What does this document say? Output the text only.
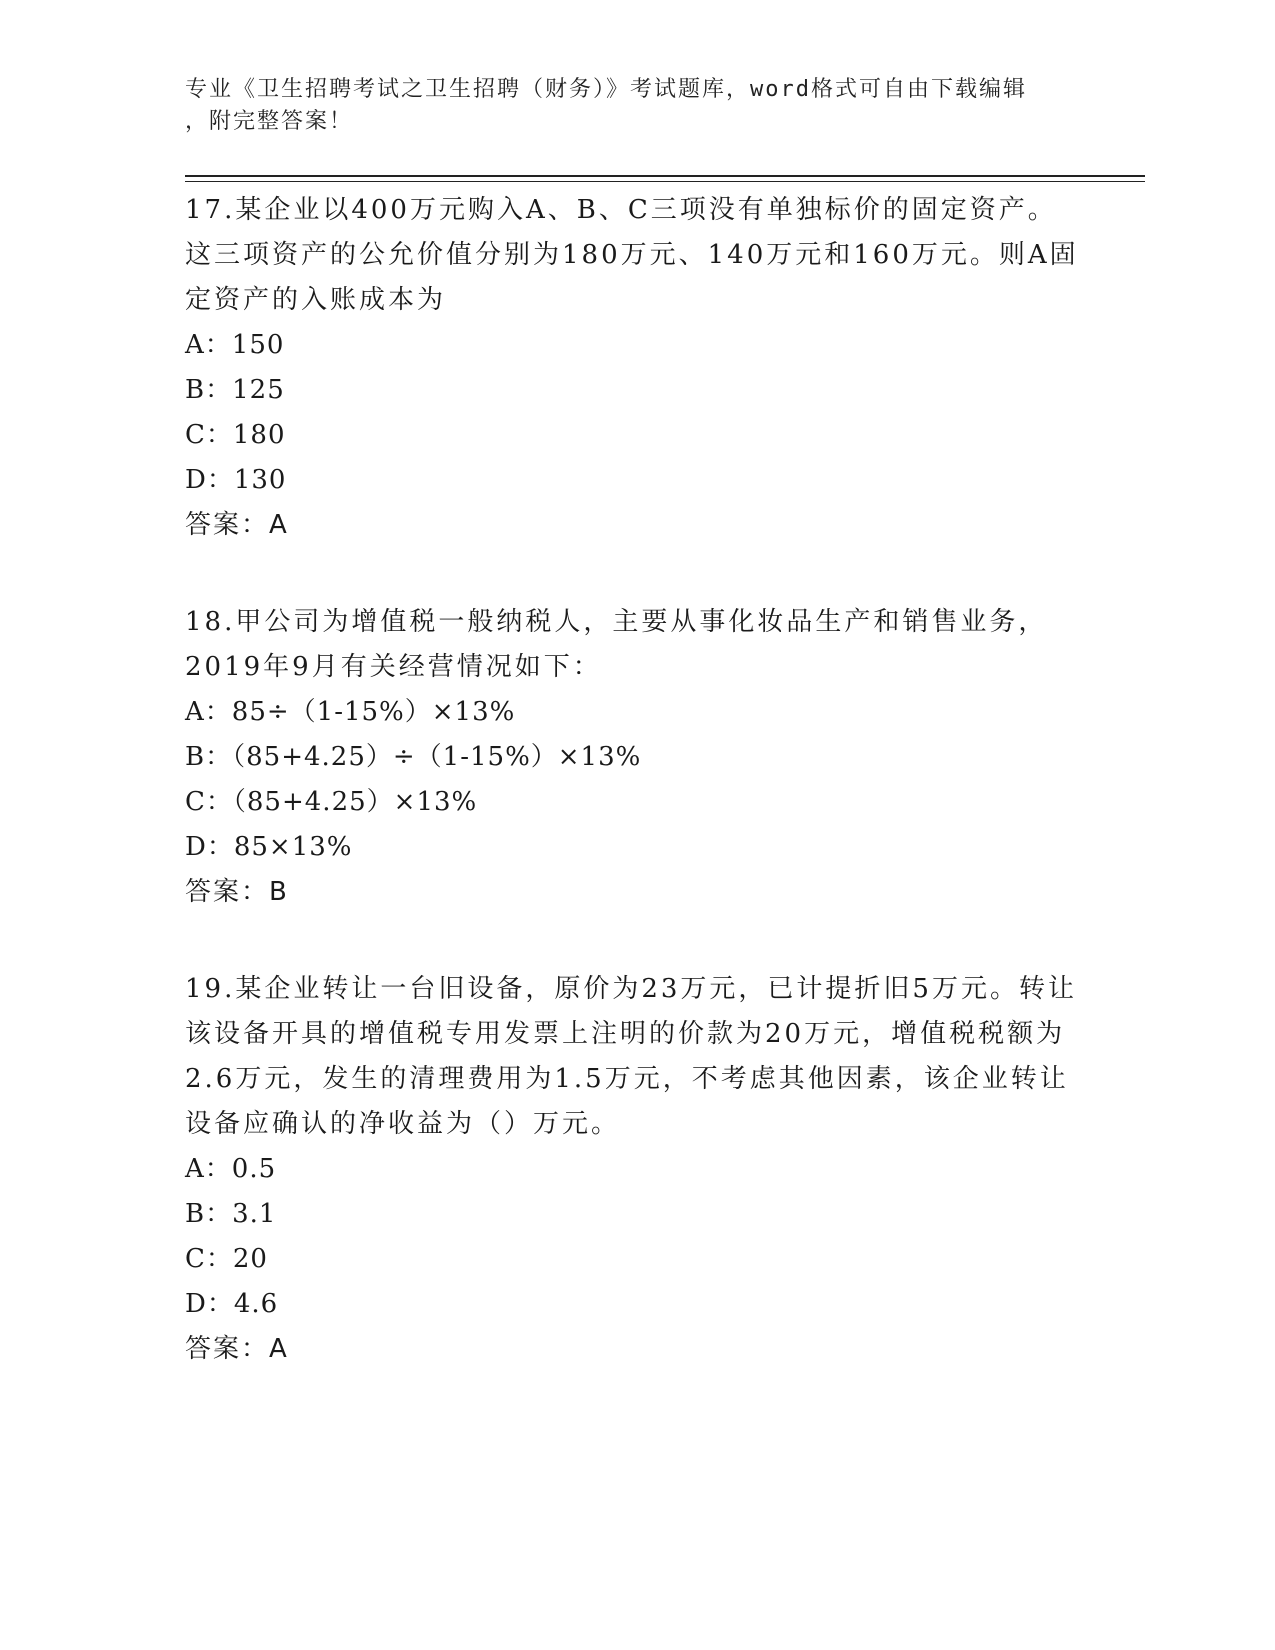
专业《卫生招聘考试之卫生招聘（财务）》考试题库，word格式可自由下载编辑
，附完整答案！
17.某企业以400万元购入A、B、C三项没有单独标价的固定资产。这三项资产的公允价值分别为180万元、140万元和160万元。则A固定资产的入账成本为
A：150
B：125
C：180
D：130
答案：A
18.甲公司为增值税一般纳税人，主要从事化妆品生产和销售业务，2019年9月有关经营情况如下：
A：85÷（1-15%）×13%
B：（85+4.25）÷（1-15%）×13%
C：（85+4.25）×13%
D：85×13%
答案：B
19.某企业转让一台旧设备，原价为23万元，已计提折旧5万元。转让该设备开具的增值税专用发票上注明的价款为20万元，增值税税额为2.6万元，发生的清理费用为1.5万元，不考虑其他因素，该企业转让设备应确认的净收益为（）万元。
A：0.5
B：3.1
C：20
D：4.6
答案：A
